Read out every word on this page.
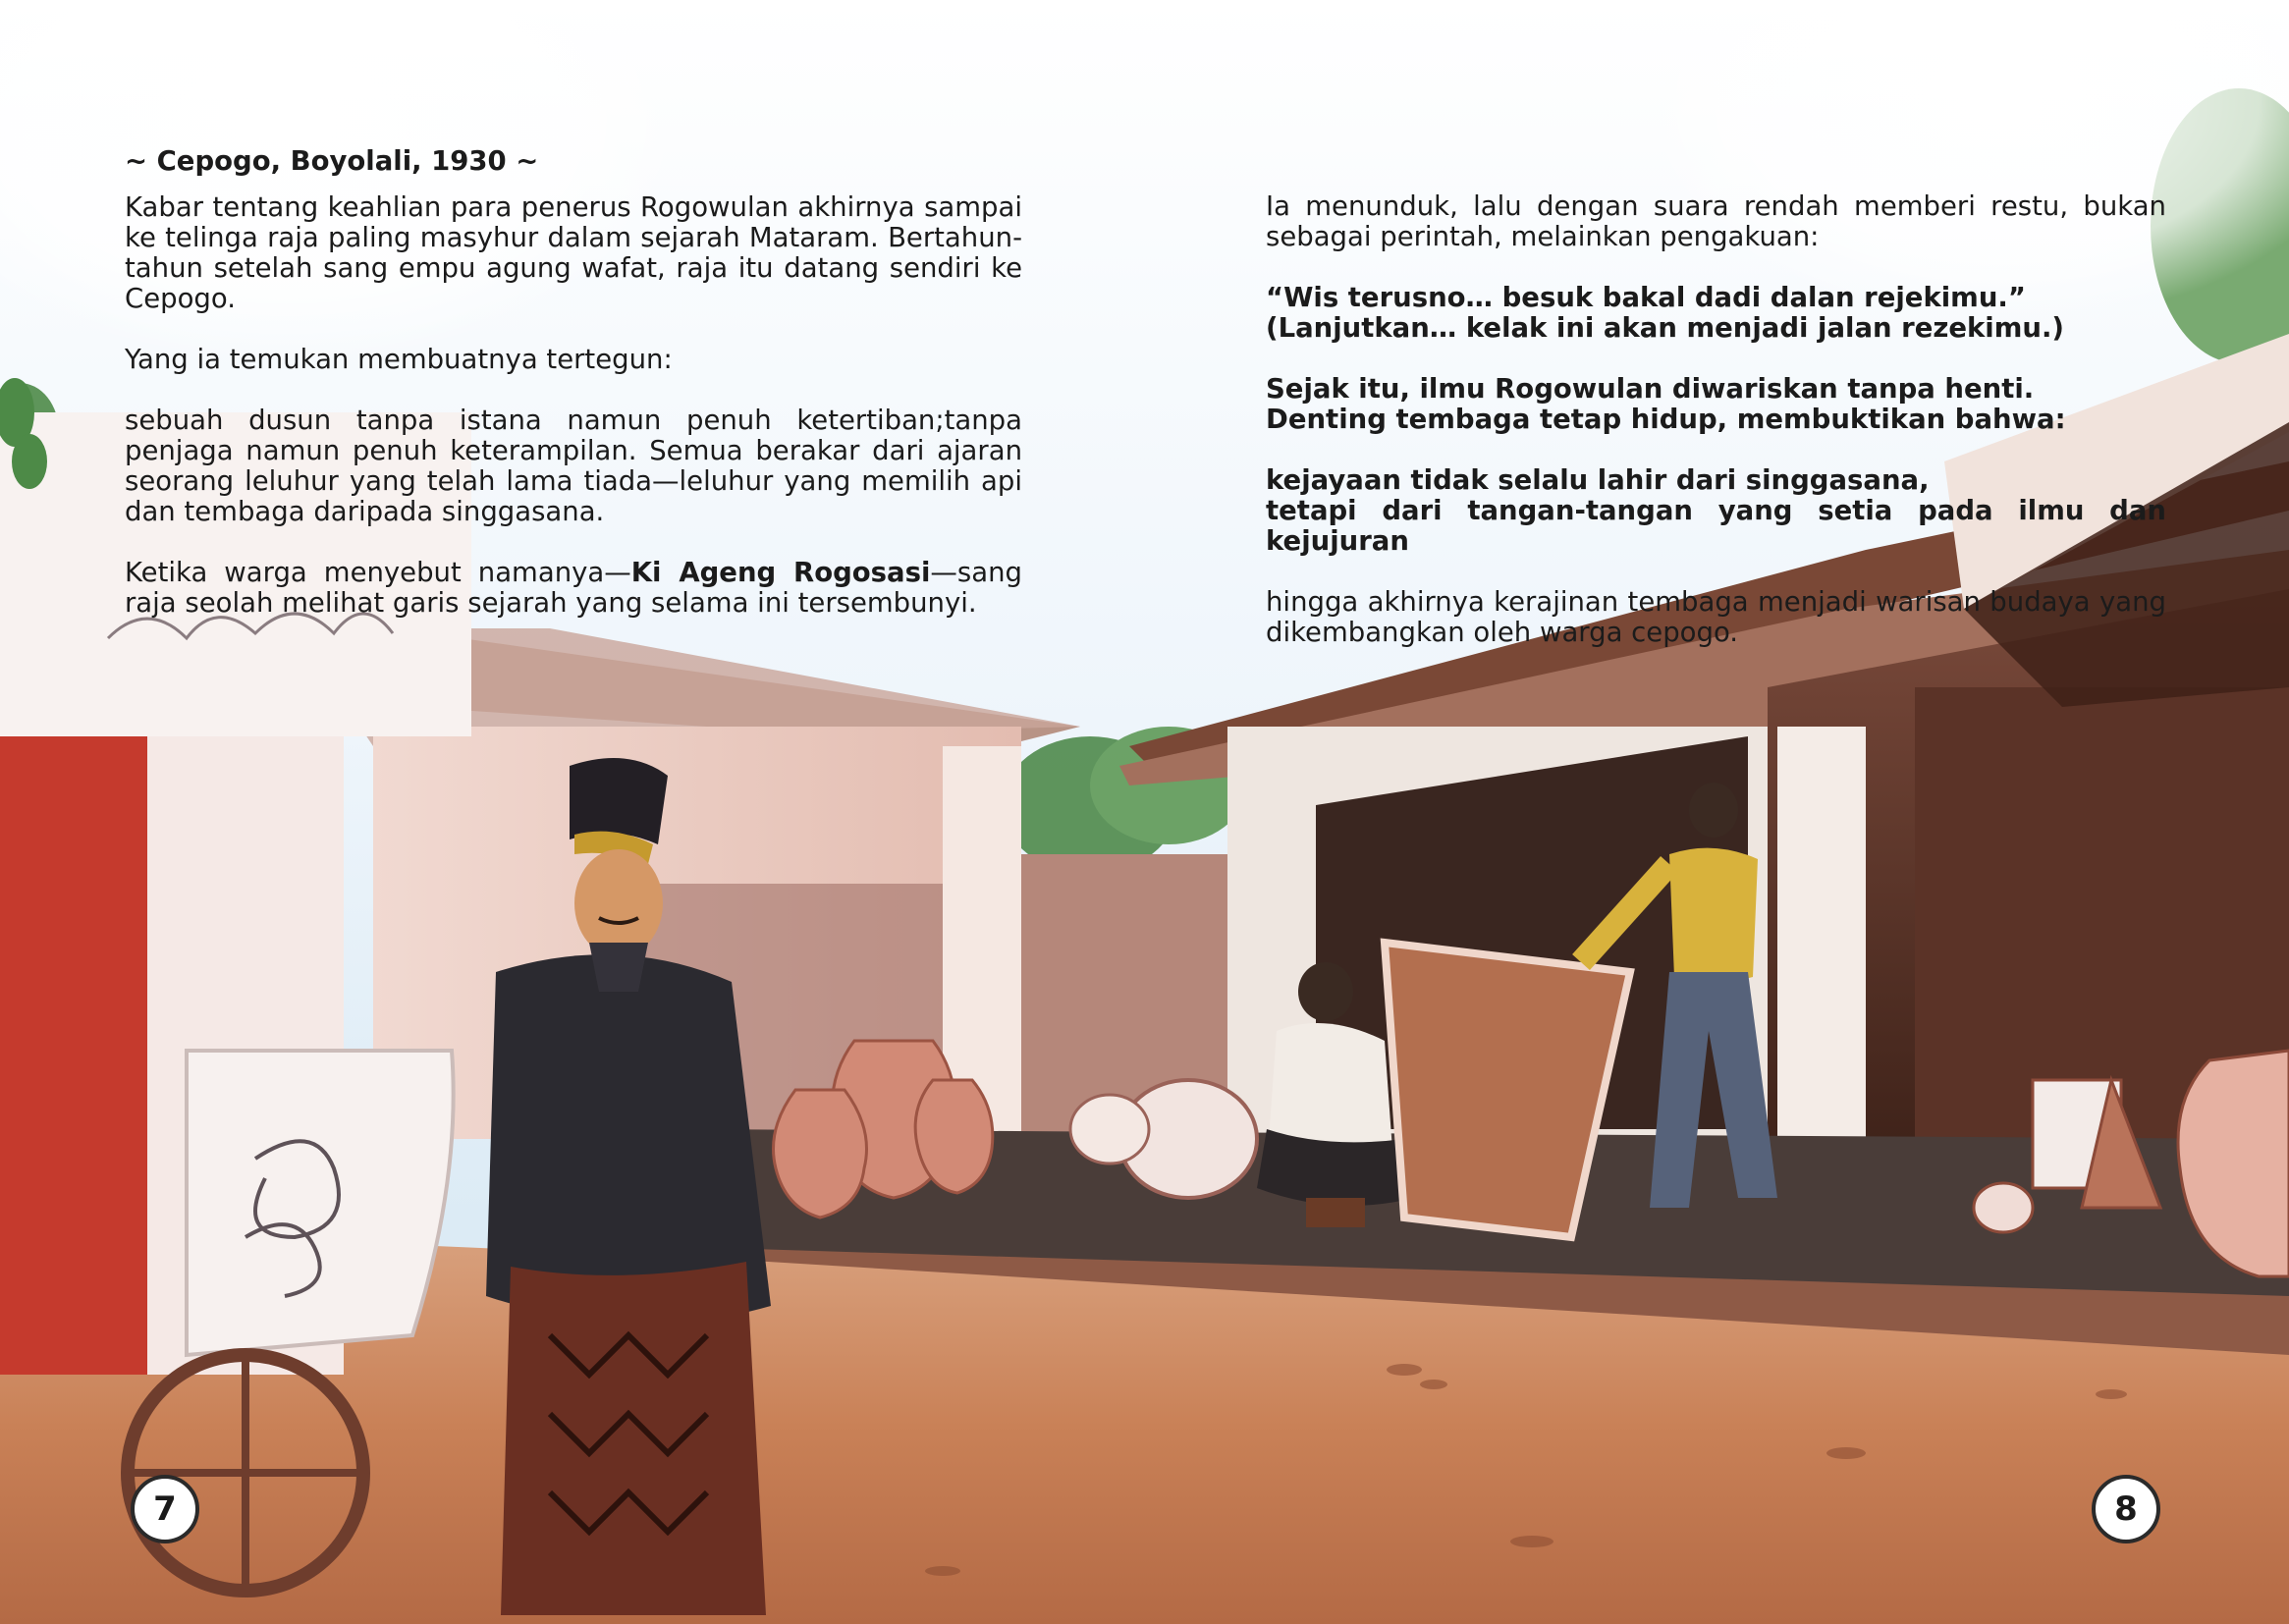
~ Cepogo, Boyolali, 1930 ~

Kabar tentang keahlian para penerus Rogowulan akhirnya sampai ke telinga raja paling masyhur dalam sejarah Mataram. Bertahun-tahun setelah sang empu agung wafat, raja itu datang sendiri ke Cepogo.

Yang ia temukan membuatnya tertegun:

sebuah dusun tanpa istana namun penuh ketertiban;tanpa penjaga namun penuh keterampilan. Semua berakar dari ajaran seorang leluhur yang telah lama tiada—leluhur yang memilih api dan tembaga daripada singgasana.

Ketika warga menyebut namanya—Ki Ageng Rogosasi—sang raja seolah melihat garis sejarah yang selama ini tersembunyi.

Ia menunduk, lalu dengan suara rendah memberi restu, bukan sebagai perintah, melainkan pengakuan:

“Wis terusno… besuk bakal dadi dalan rejekimu.”
(Lanjutkan… kelak ini akan menjadi jalan rezekimu.)

Sejak itu, ilmu Rogowulan diwariskan tanpa henti.
Denting tembaga tetap hidup, membuktikan bahwa:

kejayaan tidak selalu lahir dari singgasana,
tetapi dari tangan-tangan yang setia pada ilmu dan kejujuran

hingga akhirnya kerajinan tembaga menjadi warisan budaya yang dikembangkan oleh warga cepogo.

7	8
